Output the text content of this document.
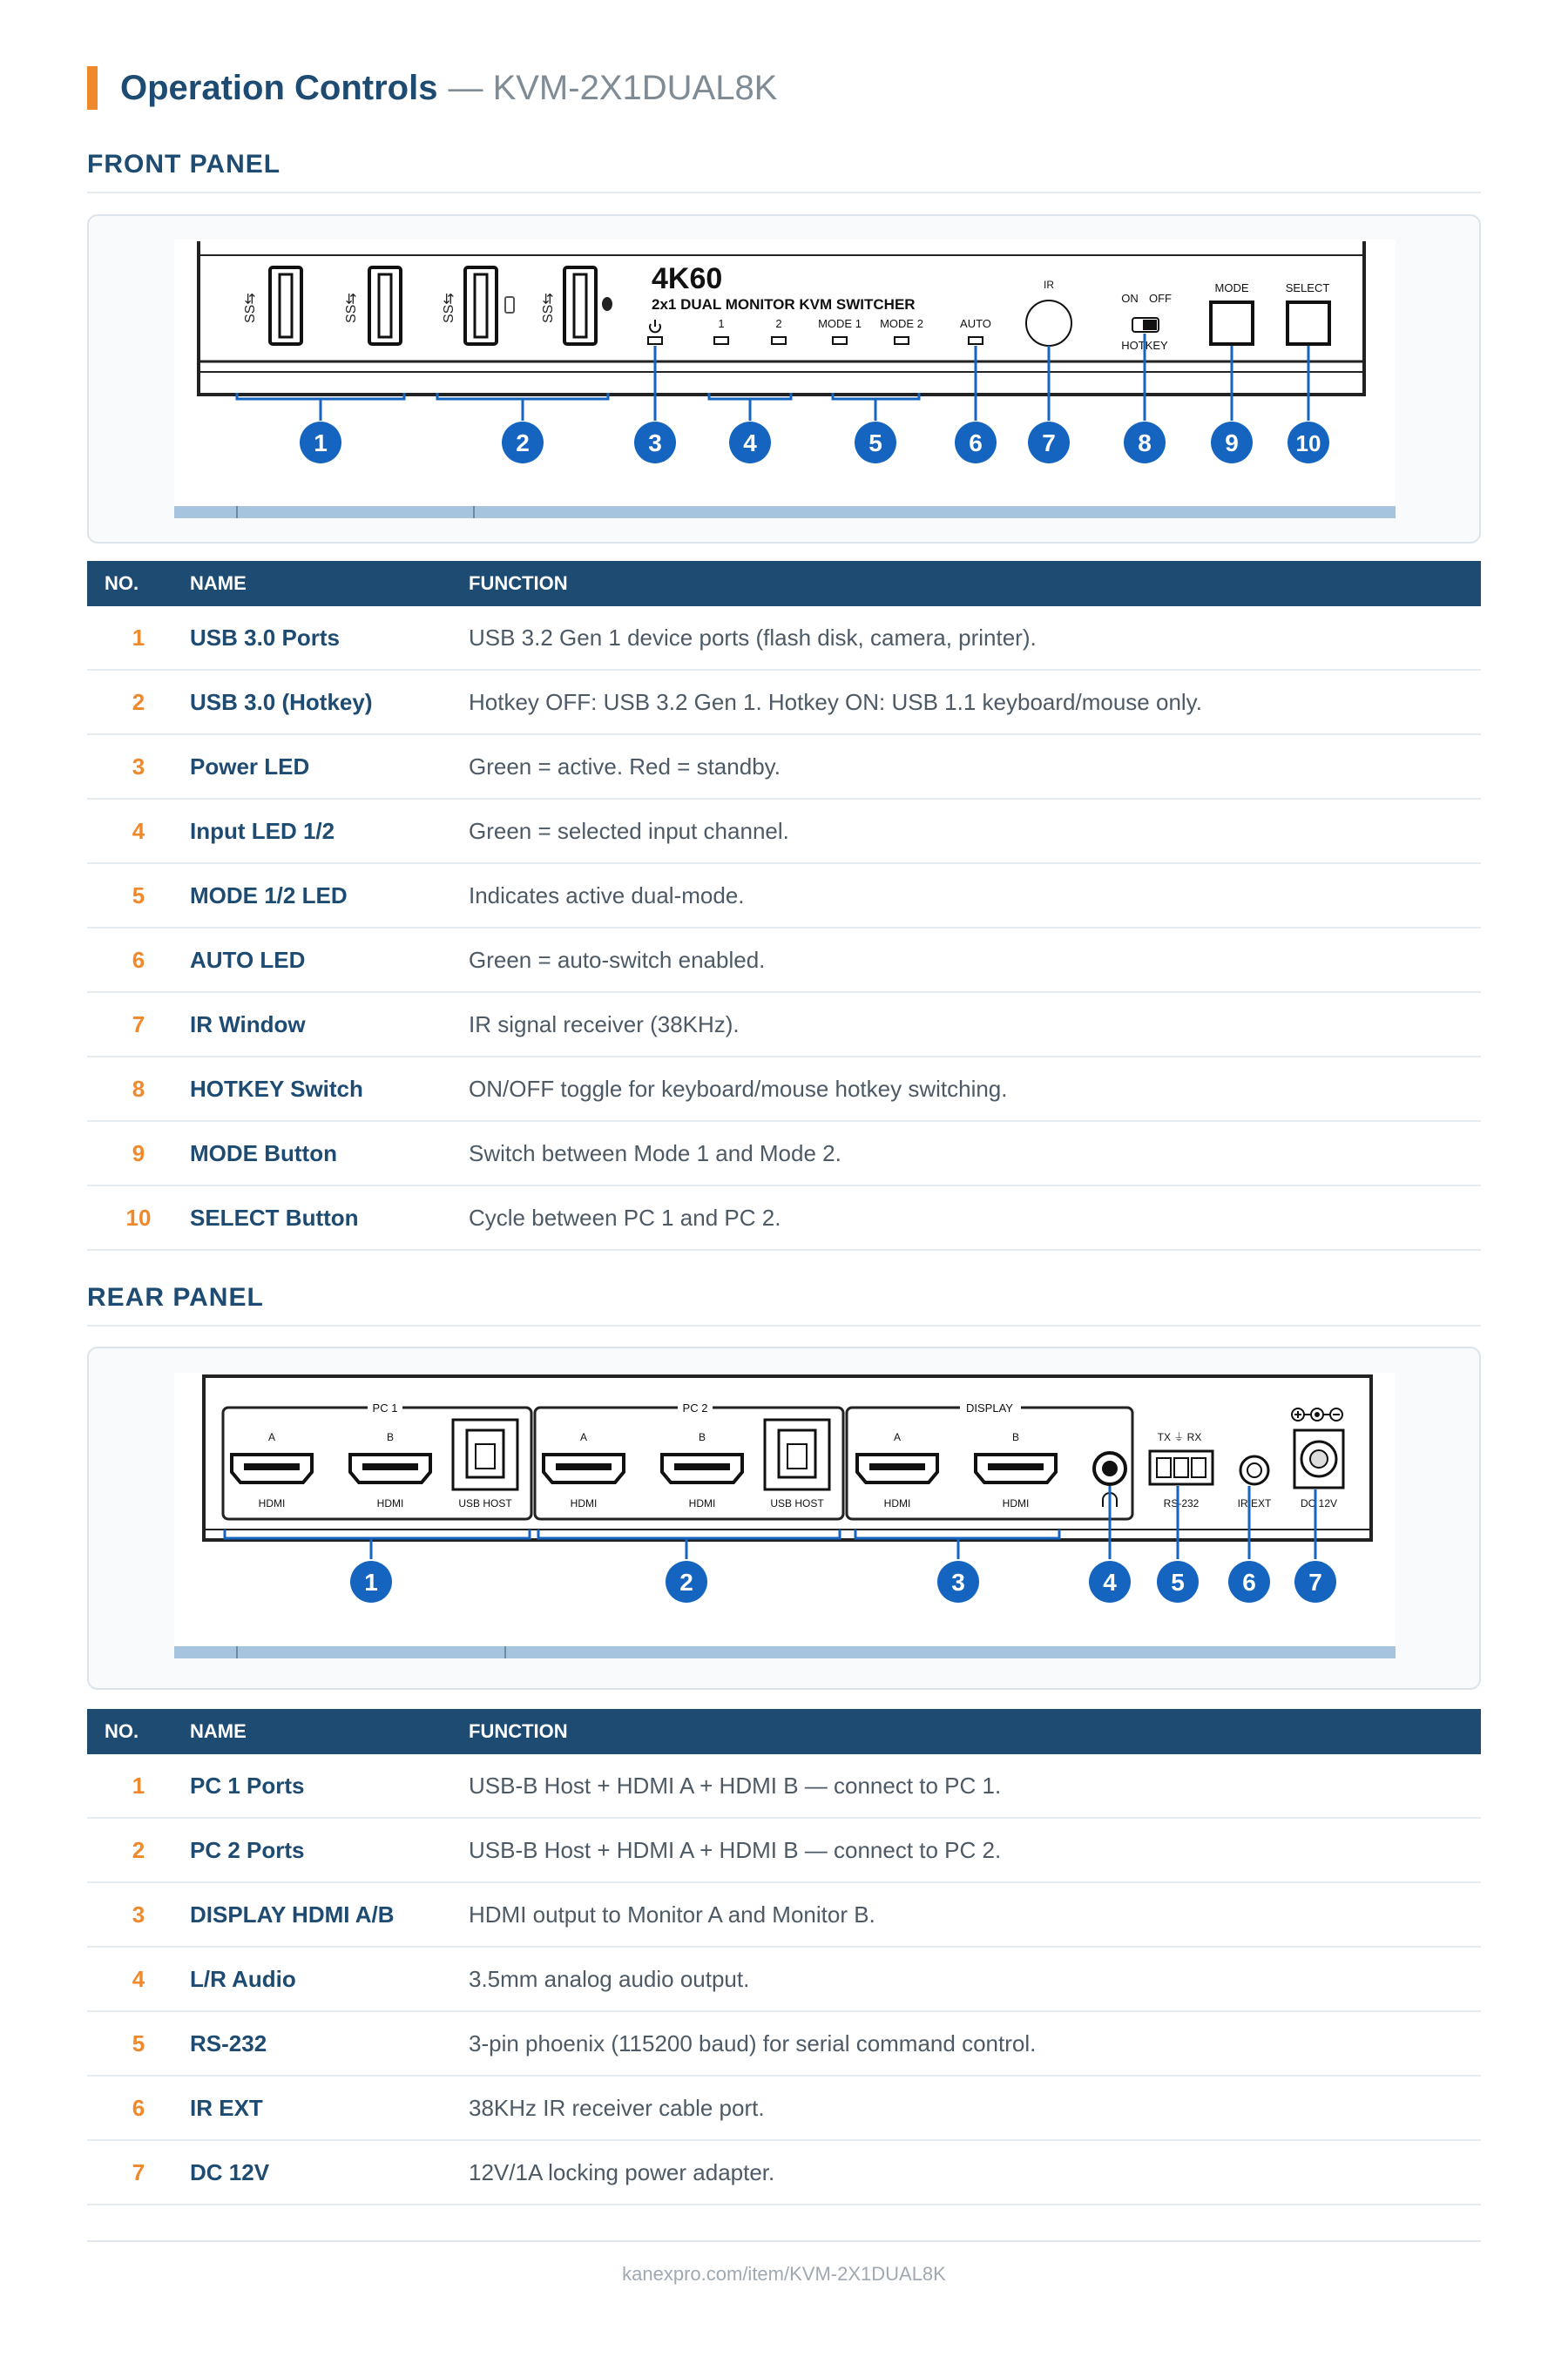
Operation Controls — KVM-2X1DUAL8K
FRONT PANEL
SS⇆	SS⇆	SS⇆	SS⇆
4K60
2x1 DUAL MONITOR KVM SWITCHER
1	2	MODE 1 MODE 2	AUTO
IR
ON OFF
HOTKEY
MODE	SELECT
1	2	3	4	5	6 7	8	9	10
NO.	NAME	FUNCTION
1	USB 3.0 Ports	USB 3.2 Gen 1 device ports (flash disk, camera, printer).
2	USB 3.0 (Hotkey)	Hotkey OFF: USB 3.2 Gen 1. Hotkey ON: USB 1.1 keyboard/mouse only.
3	Power LED	Green = active. Red = standby.
4	Input LED 1/2	Green = selected input channel.
5	MODE 1/2 LED	Indicates active dual-mode.
6	AUTO LED	Green = auto-switch enabled.
7	IR Window	IR signal receiver (38KHz).
8	HOTKEY Switch	ON/OFF toggle for keyboard/mouse hotkey switching.
9	MODE Button	Switch between Mode 1 and Mode 2.
10	SELECT Button	Cycle between PC 1 and PC 2.
REAR PANEL
PC 1	PC 2	DISPLAY
A
HDMI
B
HDMI	USB HOST
A
HDMI
B
HDMI	USB HOST
A
HDMI
B
HDMI
TX ⏚ RX
RS-232	IR EXT	DC 12V
1	2	3	4 5 6 7
NO.	NAME	FUNCTION
1	PC 1 Ports	USB-B Host + HDMI A + HDMI B — connect to PC 1.
2	PC 2 Ports	USB-B Host + HDMI A + HDMI B — connect to PC 2.
3	DISPLAY HDMI A/B	HDMI output to Monitor A and Monitor B.
4	L/R Audio	3.5mm analog audio output.
5	RS-232	3-pin phoenix (115200 baud) for serial command control.
6	IR EXT	38KHz IR receiver cable port.
7	DC 12V	12V/1A locking power adapter.
kanexpro.com/item/KVM-2X1DUAL8K
